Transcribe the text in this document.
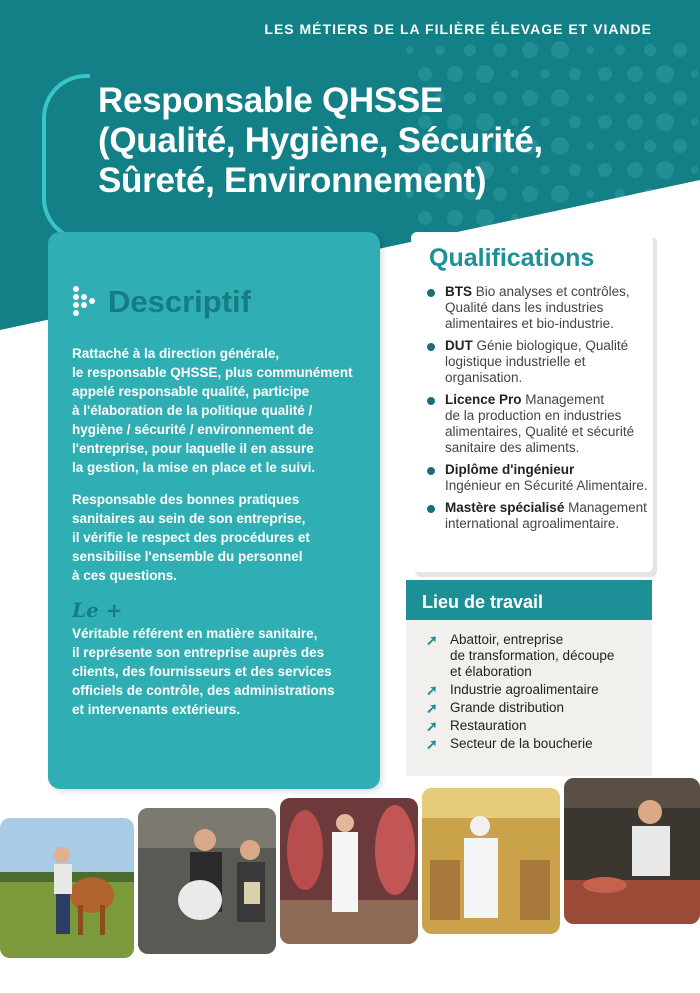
LES MÉTIERS DE LA FILIÈRE ÉLEVAGE ET VIANDE
Responsable QHSSE
(Qualité, Hygiène, Sécurité,
Sûreté, Environnement)
Descriptif
Rattaché à la direction générale,
le responsable QHSSE, plus communément
appelé responsable qualité, participe
à l'élaboration de la politique qualité /
hygiène / sécurité / environnement de
l'entreprise, pour laquelle il en assure
la gestion, la mise en place et le suivi.
Responsable des bonnes pratiques
sanitaires au sein de son entreprise,
il vérifie le respect des procédures et
sensibilise l'ensemble du personnel
à ces questions.
Le +
Véritable référent en matière sanitaire,
il représente son entreprise auprès des
clients, des fournisseurs et des services
officiels de contrôle, des administrations
et intervenants extérieurs.
Qualifications
BTS Bio analyses et contrôles,
Qualité dans les industries
alimentaires et bio-industrie.
DUT Génie biologique, Qualité
logistique industrielle et
organisation.
Licence Pro Management
de la production en industries
alimentaires, Qualité et sécurité
sanitaire des aliments.
Diplôme d'ingénieur
Ingénieur en Sécurité Alimentaire.
Mastère spécialisé Management
international agroalimentaire.
Lieu de travail
➚ Abattoir, entreprise
de transformation, découpe
et élaboration
➚ Industrie agroalimentaire
➚ Grande distribution
➚ Restauration
➚ Secteur de la boucherie
